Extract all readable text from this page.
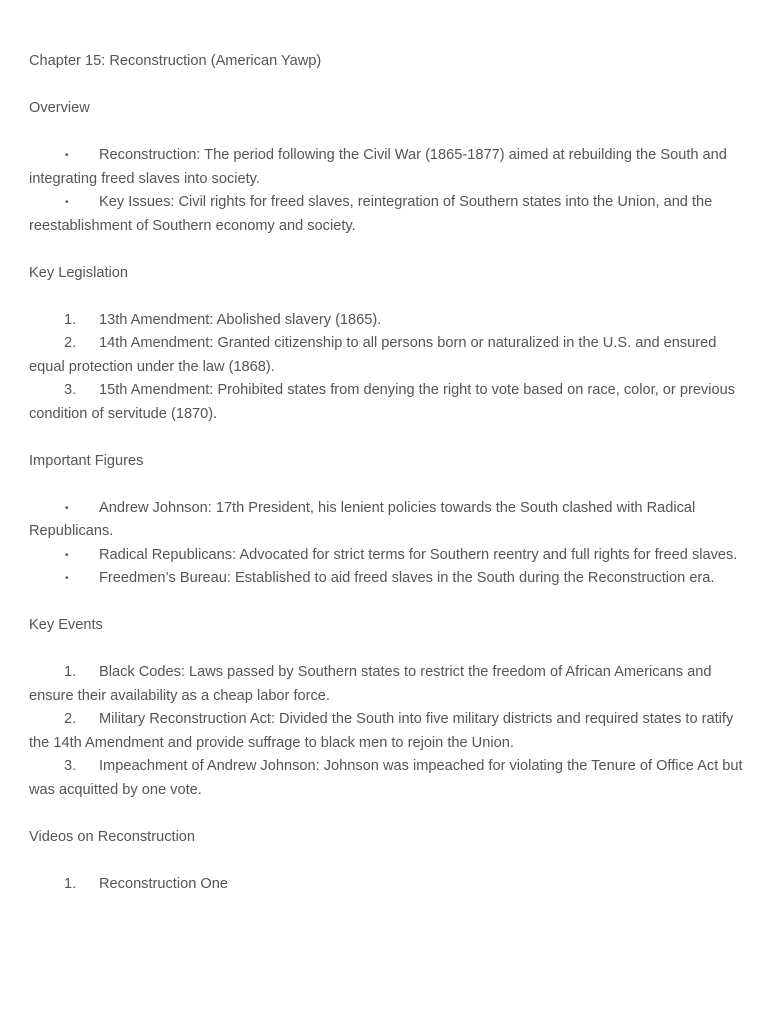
Chapter 15: Reconstruction (American Yawp)

Overview

• Reconstruction: The period following the Civil War (1865-1877) aimed at rebuilding the South and integrating freed slaves into society.

• Key Issues: Civil rights for freed slaves, reintegration of Southern states into the Union, and the reestablishment of Southern economy and society.

Key Legislation

1. 13th Amendment: Abolished slavery (1865).

2. 14th Amendment: Granted citizenship to all persons born or naturalized in the U.S. and ensured equal protection under the law (1868).

3. 15th Amendment: Prohibited states from denying the right to vote based on race, color, or previous condition of servitude (1870).

Important Figures

• Andrew Johnson: 17th President, his lenient policies towards the South clashed with Radical Republicans.

• Radical Republicans: Advocated for strict terms for Southern reentry and full rights for freed slaves.

• Freedmen’s Bureau: Established to aid freed slaves in the South during the Reconstruction era.

Key Events

1. Black Codes: Laws passed by Southern states to restrict the freedom of African Americans and ensure their availability as a cheap labor force.

2. Military Reconstruction Act: Divided the South into five military districts and required states to ratify the 14th Amendment and provide suffrage to black men to rejoin the Union.

3. Impeachment of Andrew Johnson: Johnson was impeached for violating the Tenure of Office Act but was acquitted by one vote.

Videos on Reconstruction

1. Reconstruction One
